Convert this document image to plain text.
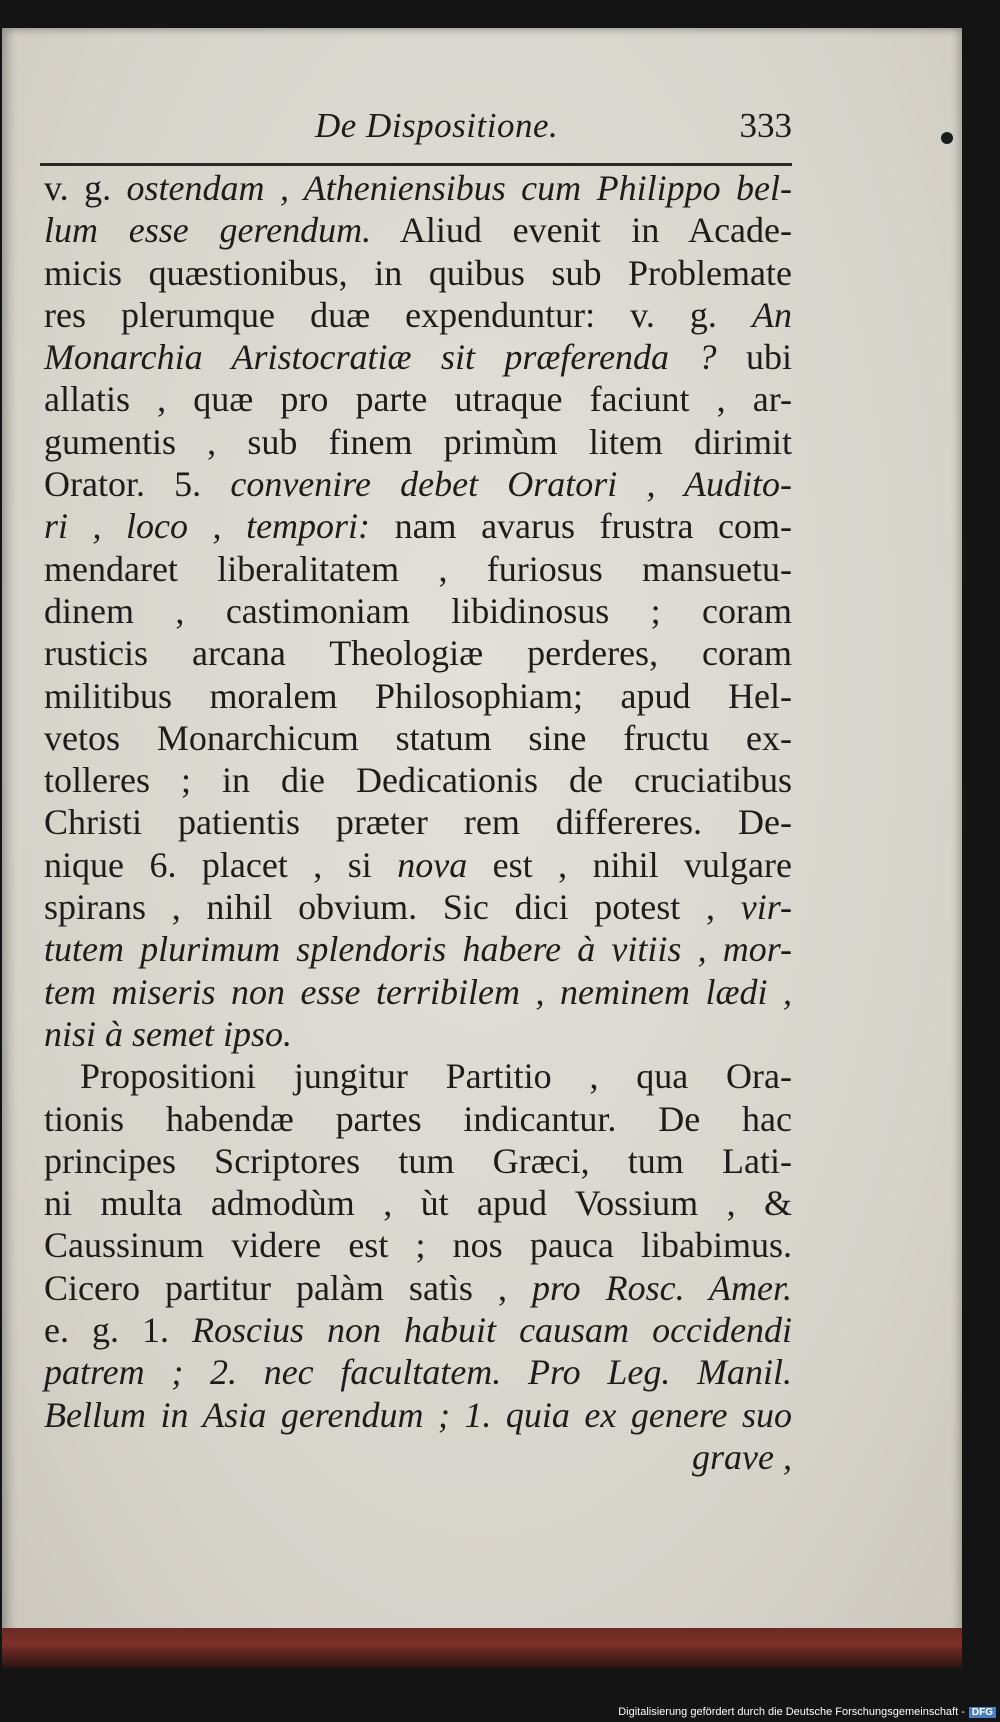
De Dispositione.	333
v. g. ostendam , Atheniensibus cum Philippo bel-
lum esse gerendum. Aliud evenit in Acade-
micis quæstionibus, in quibus sub Problemate
res plerumque duæ expenduntur: v. g. An
Monarchia Aristocratiæ sit præferenda ? ubi
allatis , quæ pro parte utraque faciunt , ar-
gumentis , sub finem primùm litem dirimit
Orator. 5. convenire debet Oratori , Audito-
ri , loco , tempori: nam avarus frustra com-
mendaret liberalitatem , furiosus mansuetu-
dinem , castimoniam libidinosus ; coram
rusticis arcana Theologiæ perderes, coram
militibus moralem Philosophiam; apud Hel-
vetos Monarchicum statum sine fructu ex-
tolleres ; in die Dedicationis de cruciatibus
Christi patientis præter rem differeres. De-
nique 6. placet , si nova est , nihil vulgare
spirans , nihil obvium. Sic dici potest , vir-
tutem plurimum splendoris habere à vitiis , mor-
tem miseris non esse terribilem , neminem lædi ,
nisi à semet ipso.
Propositioni jungitur Partitio , qua Ora-
tionis habendæ partes indicantur. De hac
principes Scriptores tum Græci, tum Lati-
ni multa admodùm , ùt apud Vossium , &
Caussinum videre est ; nos pauca libabimus.
Cicero partitur palàm satìs , pro Rosc. Amer.
e. g. 1. Roscius non habuit causam occidendi
patrem ; 2. nec facultatem. Pro Leg. Manil.
Bellum in Asia gerendum ; 1. quia ex genere suo
grave ,
Digitalisierung gefördert durch die Deutsche Forschungsgemeinschaft - DFG
